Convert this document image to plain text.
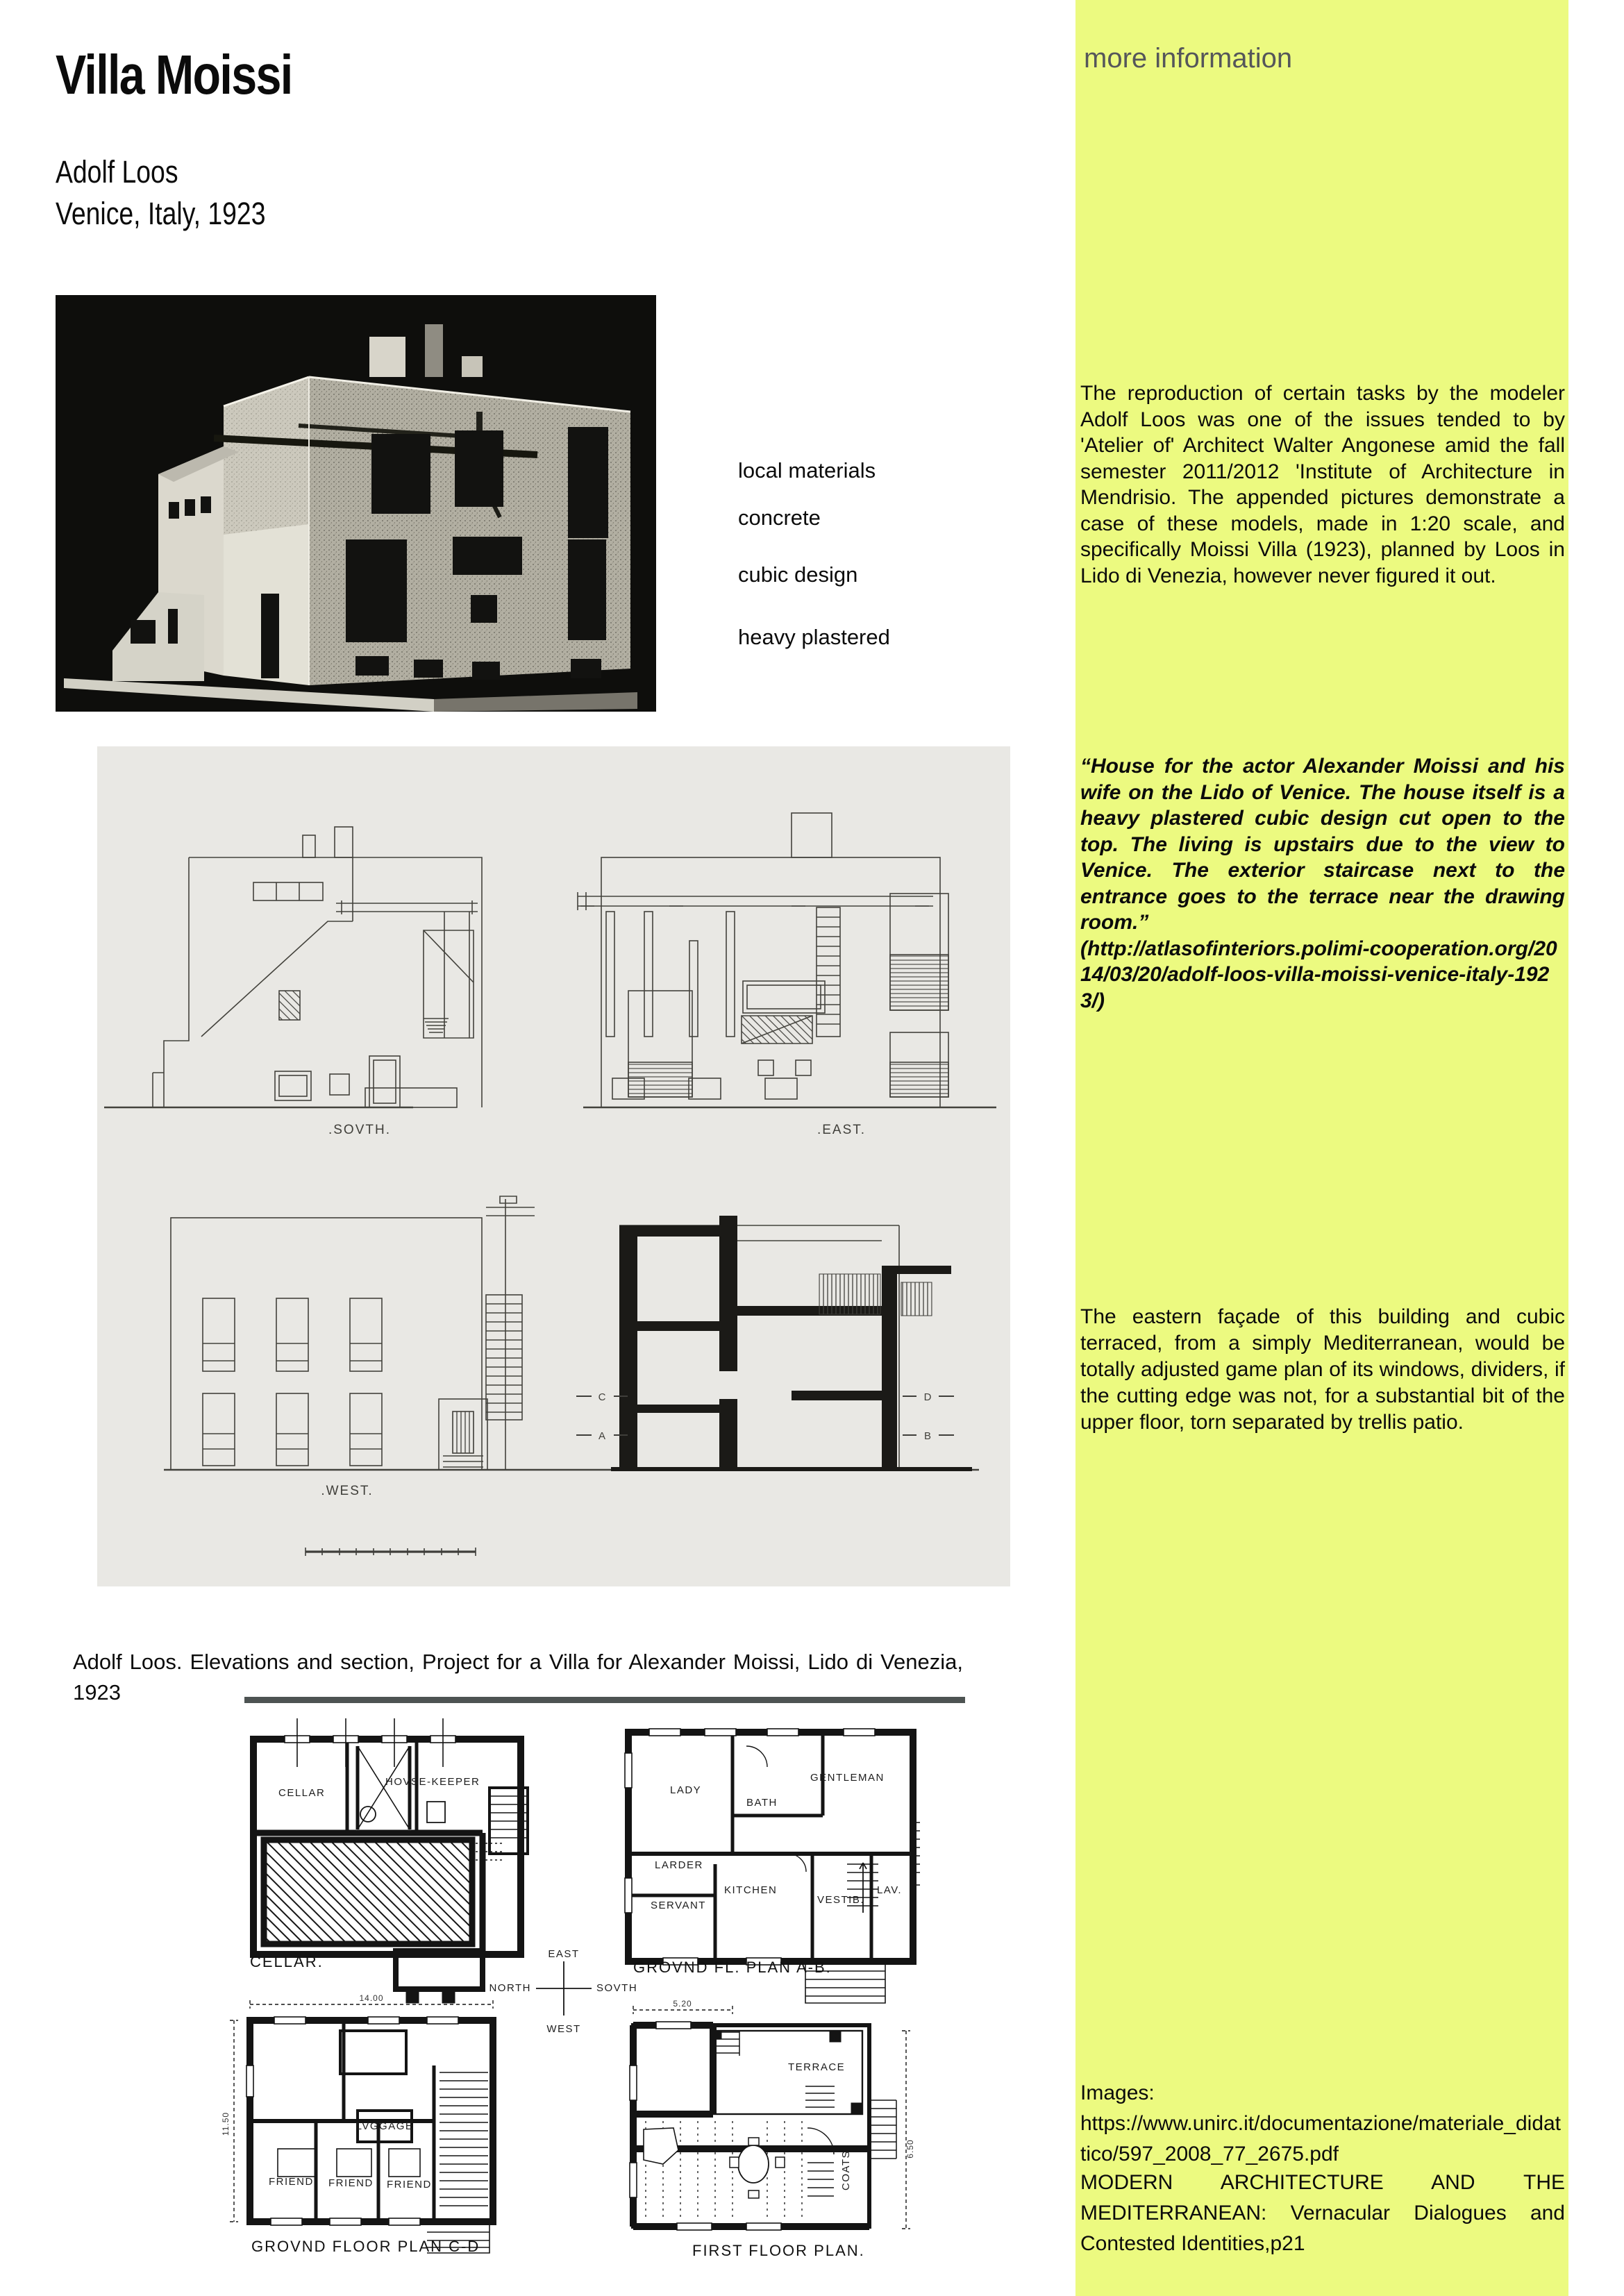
Villa Moissi
Adolf Loos
Venice, Italy, 1923
local materials
concrete
cubic design
heavy plastered
.SOVTH.	.EAST.
.WEST.
C
A
D
B
Adolf Loos. Elevations and section, Project for a Villa for Alexander Moissi, Lido di Venezia, 1923
CELLAR
HOVSE-KEEPER
CELLAR.
LADY
BATH
GENTLEMAN
LARDER
KITCHEN
SERVANT	VESTIB.
LAV.
GROVND FL. PLAN A-B.
EAST
NORTH	SOVTH
WEST
14.00
11.50
FRIEND FRIEND FRIEND
LVGGAGE
GROVND FLOOR PLAN C-D
TERRACE
COATS
5.20
6.50
FIRST FLOOR PLAN.
more information
The reproduction of certain tasks by the modeler Adolf Loos was one of the issues tended to by 'Atelier of' Architect Walter Angonese amid the fall semester 2011/2012 'Institute of Architecture in Mendrisio. The appended pictures demonstrate a case of these models, made in 1:20 scale, and specifically Moissi Villa (1923), planned by Loos in Lido di Venezia, however never figured it out.
“House for the actor Alexander Moissi and his wife on the Lido of Venice. The house itself is a heavy plastered cubic design cut open to the top. The living is upstairs due to the view to Venice. The exterior staircase next to the entrance goes to the terrace near the drawing room.”
(http://atlasofinteriors.polimi-cooperation.org/2014/03/20/adolf-loos-villa-moissi-venice-italy-1923/)
The eastern façade of this building and cubic terraced, from a simply Mediterranean, would be totally adjusted game plan of its windows, dividers, if the cutting edge was not, for a substantial bit of the upper floor, torn separated by trellis patio.
Images:
https://www.unirc.it/documentazione/materiale_didattico/597_2008_77_2675.pdf
MODERN ARCHITECTURE AND THE MEDITERRANEAN: Vernacular Dialogues and Contested Identities,p21
